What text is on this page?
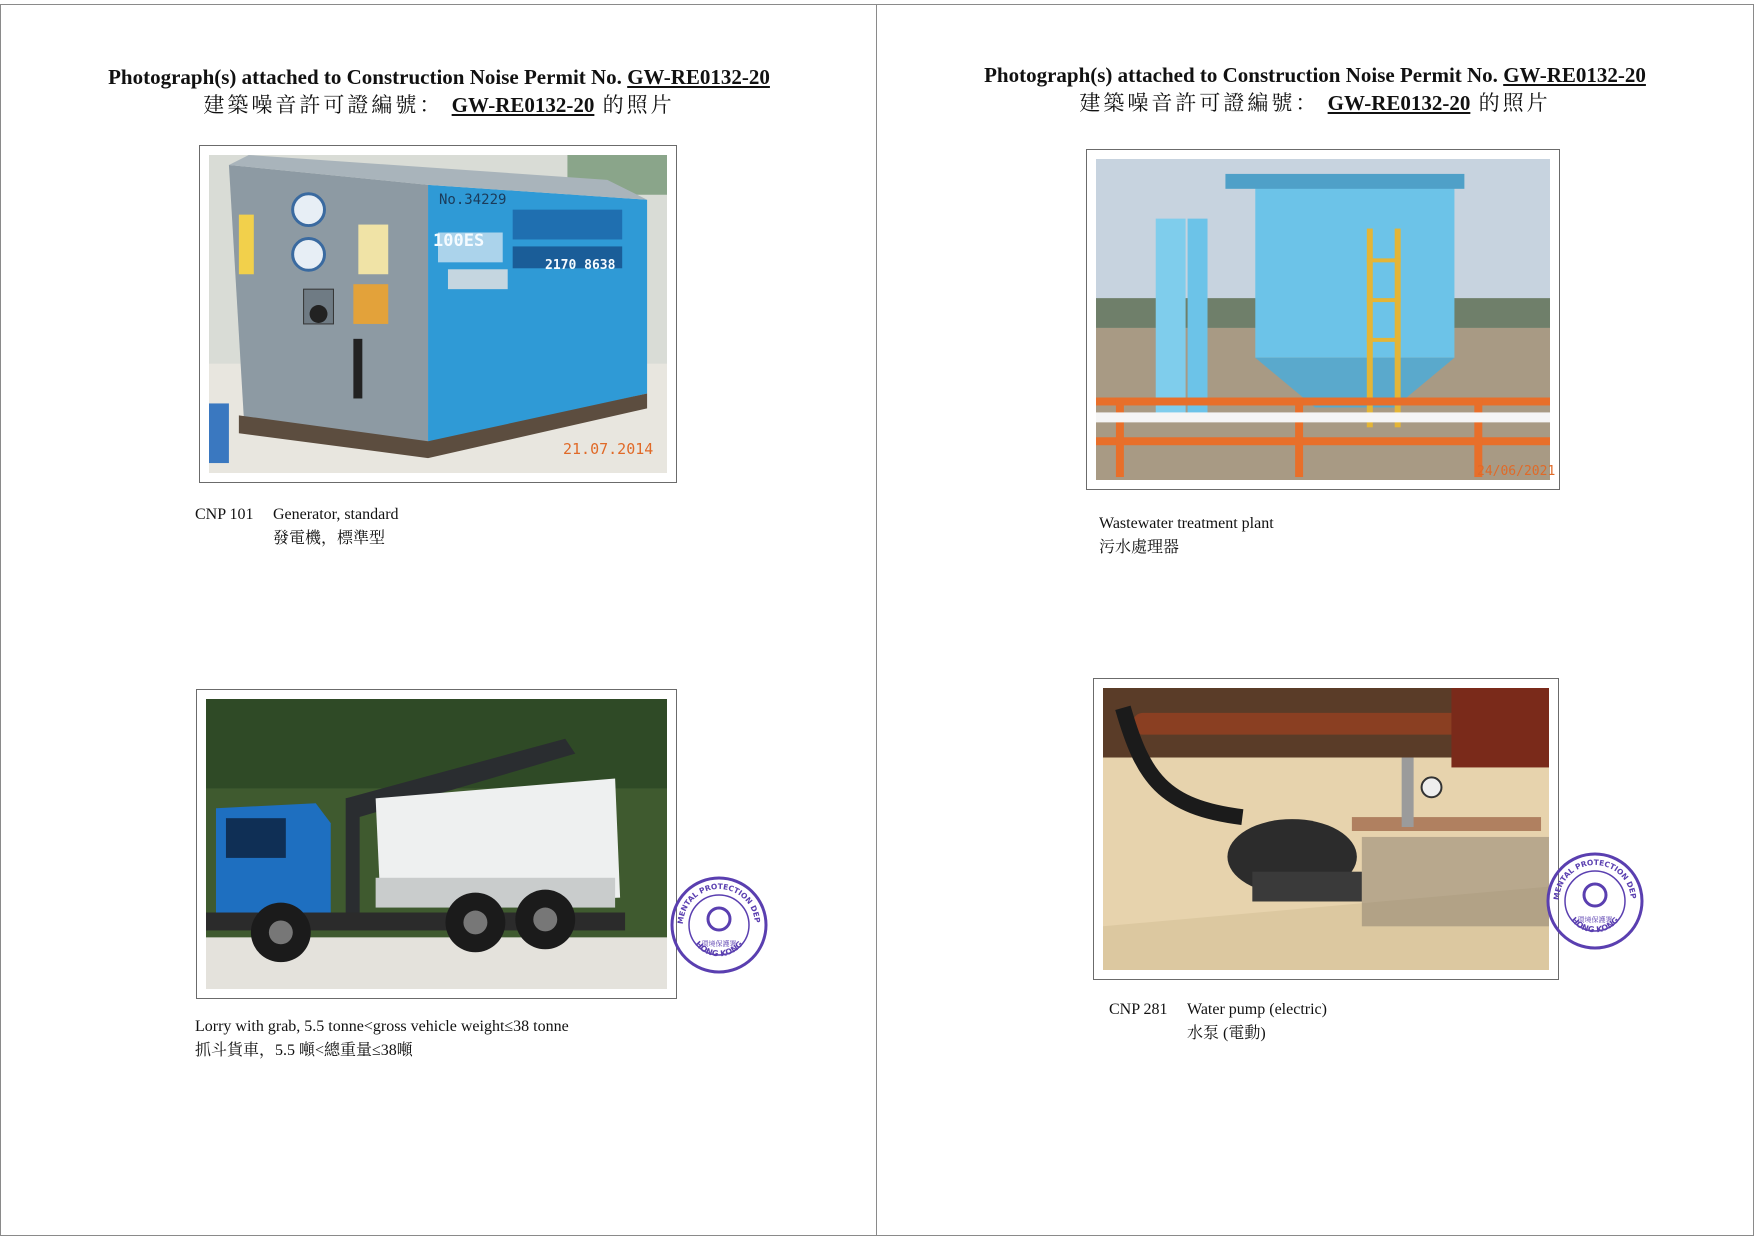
Photograph(s) attached to Construction Noise Permit No. GW-RE0132-20
建築噪音許可證編號： GW-RE0132-20 的照片
21.07.2014
No.34229
100ES
2170 8638
CNP 101 Generator, standard
發電機，標準型
MENTAL PROTECTION DEP
HONG KONG
環境保護署
Lorry with grab, 5.5 tonne<gross vehicle weight≤38 tonne
抓斗貨車，5.5 噸<總重量≤38噸
Photograph(s) attached to Construction Noise Permit No. GW-RE0132-20
建築噪音許可證編號： GW-RE0132-20 的照片
24/06/2021
Wastewater treatment plant
污水處理器
MENTAL PROTECTION DEP
HONG KONG
環境保護署
CNP 281 Water pump (electric)
水泵 (電動)
